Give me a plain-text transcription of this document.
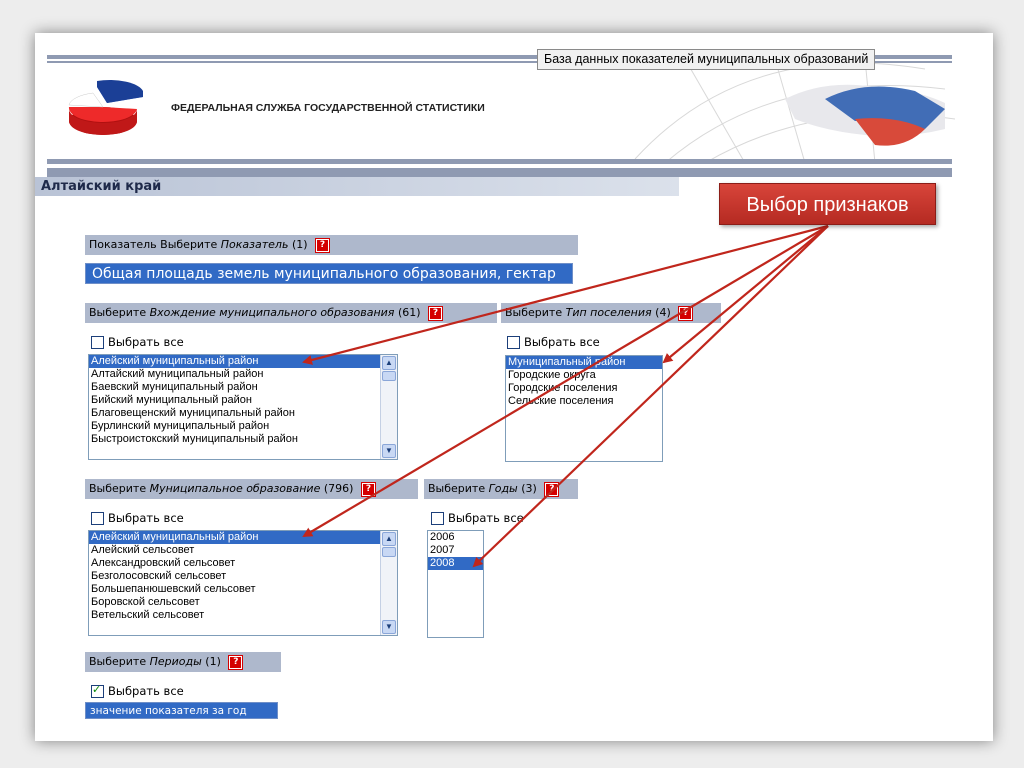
База данных показателей муниципальных образований
ФЕДЕРАЛЬНАЯ СЛУЖБА ГОСУДАРСТВЕННОЙ СТАТИСТИКИ
Алтайский край
Показатель Выберите Показатель (1) ?
Общая площадь земель муниципального образования, гектар
Выберите Вхождение муниципального образования (61) ?
Выбрать все
Алейский муниципальный район
Алтайский муниципальный район
Баевский муниципальный район
Бийский муниципальный район
Благовещенский муниципальный район
Бурлинский муниципальный район
Быстроистокский муниципальный район
▲
▼
Выберите Тип поселения (4) ?
Выбрать все
Муниципальный район
Городские округа
Городские поселения
Сельские поселения
Выберите Муниципальное образование (796) ?
Выбрать все
Алейский муниципальный район
Алейский сельсовет
Александровский сельсовет
Безголосовский сельсовет
Большепанюшевский сельсовет
Боровской сельсовет
Ветельский сельсовет
▲
▼
Выберите Годы (3) ?
Выбрать все
2006
2007
2008
Выберите Периоды (1) ?
✓Выбрать все
значение показателя за год
Выбор признаков
